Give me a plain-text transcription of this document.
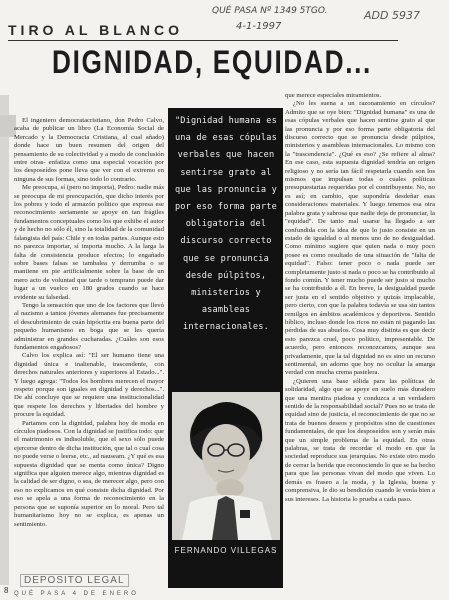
QUÉ PASA Nº 1349 5TGO.
4-1-1997
ADD 5937
TIRO AL BLANCO
DIGNIDAD, EQUIDAD...

El ingeniero democratacristiano, don Pedro Calvo, acaba de publicar un libro (La Economía Social de Mercado y la Democracia Cristiana, al cual añado) donde hace un buen resumen del origen del pensamiento de su colectividad y a modo de conclusión entre otras- enfatiza como una especial vocación por los desposeídos pone lleva que ver con el extremo en ninguna de sus formas, sino todo lo contrario.

Me preocupa, sí (pero no importa), Pedro: nadie más se preocupa de mi preocupación, que dicho interés por los pobres y todo el armazón político que expresa ese reconocimiento seriamente se apoye en tan frágiles fundamentos conceptuales como los que exhibe el autor y de hecho no sólo él, sino la totalidad de la comunidad falangista del país: Chile y en todas partes. Aunque esto no parezca importar, sí importa mucho. A la larga la falta de consistencia produce efectos; lo engañado sobre bases falsas se tambalea y derrumba o se mantiene en pie artificialmente sobre la base de un mero acto de voluntad que tarde o temprano puede dar lugar a un vuelco en 180 grados cuando se hace evidente su falsedad.

Tengo la sensación que uno de los factores que llevó al nazismo a tantos jóvenes alemanes fue precisamente el descubrimiento de cuán hipócrita era buena parte del pequeño humanismo en boga que se les quería administrar en grandes cucharadas. ¿Cuáles son esos fundamentos engañosos?

Calvo los explica así: "El ser humano tiene una dignidad única e inalienable, trascendente, con derechos naturales anteriores y superiores al Estado...". Y luego agrega: "Todos los hombres merecen el mayor respeto porque son iguales en dignidad y derechos...". De ahí concluye que se requiere una institucionalidad que respete los derechos y libertades del hombre y procure la equidad.

Partamos con la dignidad, palabra hoy de moda en círculos piadosos. Con la dignidad se justifica todo: que el matrimonio es indisoluble, que el sexo sólo puede ejercerse dentro de dicha institución, que tal o cual cosa no puede verse o leerse, etc., ad nauseam. ¿Y qué es esa supuesta dignidad que se menta como única? Digno significa que alguien merece algo, mientras dignidad es la calidad de ser digno, o sea, de merecer algo, pero con eso no explicamos en qué consiste dicha dignidad. Por eso se apela a una forma de reconocimiento en la persona que se suponía superior en lo moral. Pero tal humanitarismo hoy no se explica, es apenas un sentimiento.

"Dignidad humana es una de esas cópulas verbales que hacen sentirse grato al que las pronuncia y por eso forma parte obligatoria del discurso correcto que se pronuncia desde púlpitos, ministerios y asambleas internacionales.
FERNANDO VILLEGAS

que merece especiales miramientos.

¿No les suena a un razonamiento en círculos? Admito que se oye bien: "Dignidad humana" es una de esas cópulas verbales que hacen sentirse grato al que las pronuncia y por eso forma parte obligatoria del discurso correcto que se pronuncia desde púlpitos, ministerios y asambleas internacionales. Lo mismo con la "trascendencia". ¿Qué es eso? ¿Se refiere al alma? En ese caso, esta supuesta dignidad tendría un origen religioso y no sería tan fácil respetarla cuando son los mismos que impulsan todas o cuales políticas presupuestarias requeridas por el contribuyente. No, no es así; en cambio, que supondría desdeñar esas consideraciones materiales. Y luego tenemos esa otra palabra grata y sabrosa que nadie deja de pronunciar, la "equidad". De tanto mal usarse ha llegado a ser confundida con la idea de que lo justo consiste en un estado de igualdad o al menos uno de no desigualdad. Como mínimo sugiere que quien nada o muy poco posee es como resultado de una situación de "falta de equidad". Falso: tener poco o nada puede ser completamente justo si nada o poco se ha contribuido al fondo común. Y tener mucho puede ser justo si mucho se ha contribuido a él. En breve, la desigualdad puede ser justa en el sentido objetivo y quizás implacable, pero cierto, con que la palabra todavía se usa sin tantos remilgos en ámbitos académicos y deportivos. Sentido bíblico, incluso donde los ricos no están ni pagando las pérdidas de sus abuelos. Cosa muy distinta es que decir esto parezca cruel, poco político, impresentable. De acuerdo, pero entonces reconozcamos, aunque sea privadamente, que la tal dignidad no es sino un recurso sentimental, un adorno que hoy no ocultar la amarga verdad con mucha crema pastelera.

¿Quieren una base sólida para las políticas de solidaridad, algo que se apoye en suelo más duradero que una mentira piadosa y conduzca a un verdadero sentido de la responsabilidad social? Pues no se trata de equidad sino de justicia, el reconocimiento de que no se trata de buenos deseos y propósitos sino de cuestiones fundamentales, de que los desposeídos son y serán más que un simple problema de la equidad. En otras palabras, se trata de recordar el modo en que la sociedad reproduce sus jerarquías. No existe otro modo de cerrar la herida que reconociendo lo que se ha hecho para que las personas vivan del modo que viven. Lo demás es fraseo a la moda, y la Iglesia, buena y comprensiva, le dio su bendición cuando le venía bien a sus intereses. La historia lo prueba a cada paso.

DEPOSITO LEGAL
8 QUÉ PASA 4 DE ENERO
